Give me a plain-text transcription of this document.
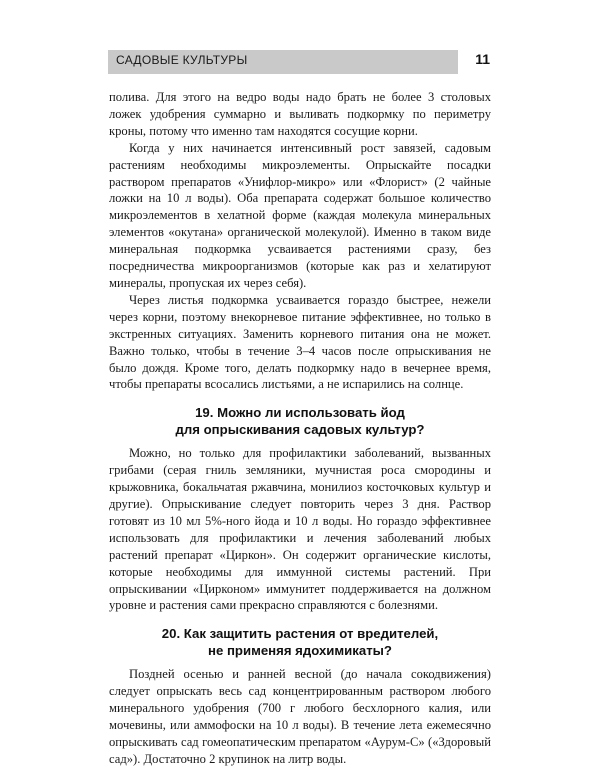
САДОВЫЕ КУЛЬТУРЫ	11

полива. Для этого на ведро воды надо брать не более 3 столовых ложек удобрения суммарно и выливать подкормку по периметру кроны, потому что именно там находятся сосущие корни.

Когда у них начинается интенсивный рост завязей, садовым растениям необходимы микроэлементы. Опрыскайте посадки раствором препаратов «Унифлор-микро» или «Флорист» (2 чайные ложки на 10 л воды). Оба препарата содержат большое количество микроэлементов в хелатной форме (каждая молекула минеральных элементов «окутана» органической молекулой). Именно в таком виде минеральная подкормка усваивается растениями сразу, без посредничества микроорганизмов (которые как раз и хелатируют минералы, пропуская их через себя).

Через листья подкормка усваивается гораздо быстрее, нежели через корни, поэтому внекорневое питание эффективнее, но только в экстренных ситуациях. Заменить корневого питания она не может. Важно только, чтобы в течение 3–4 часов после опрыскивания не было дождя. Кроме того, делать подкормку надо в вечернее время, чтобы препараты всосались листьями, а не испарились на солнце.

19. Можно ли использовать йод
для опрыскивания садовых культур?

Можно, но только для профилактики заболеваний, вызванных грибами (серая гниль земляники, мучнистая роса смородины и крыжовника, бокальчатая ржавчина, монилиоз косточковых культур и другие). Опрыскивание следует повторить через 3 дня. Раствор готовят из 10 мл 5%-ного йода и 10 л воды. Но гораздо эффективнее использовать для профилактики и лечения заболеваний любых растений препарат «Циркон». Он содержит органические кислоты, которые необходимы для иммунной системы растений. При опрыскивании «Цирконом» иммунитет поддерживается на должном уровне и растения сами прекрасно справляются с болезнями.

20. Как защитить растения от вредителей,
не применяя ядохимикаты?

Поздней осенью и ранней весной (до начала сокодвижения) следует опрыскать весь сад концентрированным раствором любого минерального удобрения (700 г любого бесхлорного калия, или мочевины, или аммофоски на 10 л воды). В течение лета ежемесячно опрыскивать сад гомеопатическим препаратом «Аурум-С» («Здоровый сад»). Достаточно 2 крупинок на литр воды.
